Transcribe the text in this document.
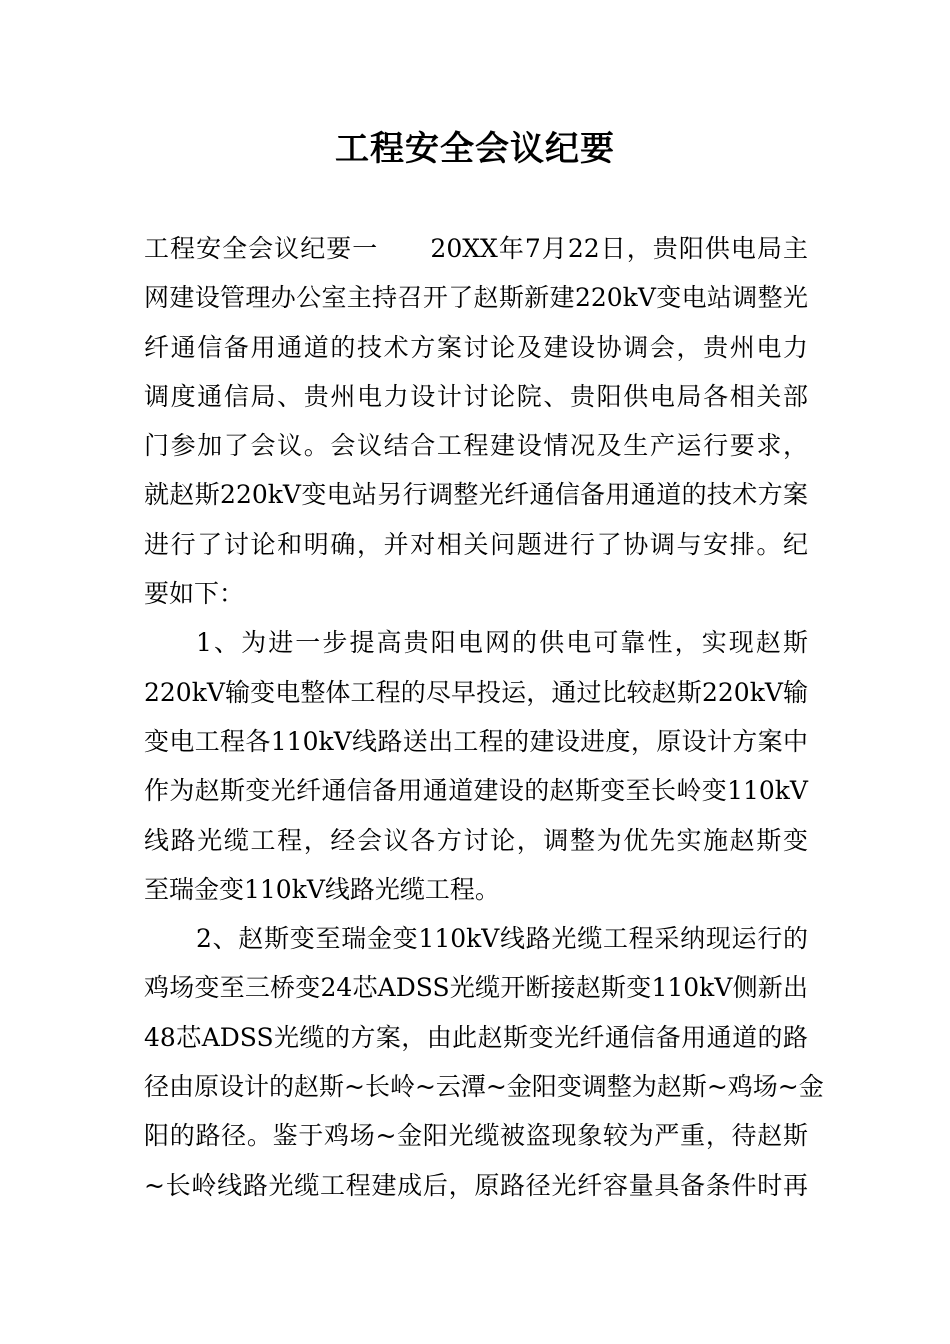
工程安全会议纪要
工程安全会议纪要一　　20XX年7月22日，贵阳供电局主
网建设管理办公室主持召开了赵斯新建220kV变电站调整光
纤通信备用通道的技术方案讨论及建设协调会，贵州电力
调度通信局、贵州电力设计讨论院、贵阳供电局各相关部
门参加了会议。会议结合工程建设情况及生产运行要求，
就赵斯220kV变电站另行调整光纤通信备用通道的技术方案
进行了讨论和明确，并对相关问题进行了协调与安排。纪
要如下：
1、为进一步提高贵阳电网的供电可靠性，实现赵斯
220kV输变电整体工程的尽早投运，通过比较赵斯220kV输
变电工程各110kV线路送出工程的建设进度，原设计方案中
作为赵斯变光纤通信备用通道建设的赵斯变至长岭变110kV
线路光缆工程，经会议各方讨论，调整为优先实施赵斯变
至瑞金变110kV线路光缆工程。
2、赵斯变至瑞金变110kV线路光缆工程采纳现运行的
鸡场变至三桥变24芯ADSS光缆开断接赵斯变110kV侧新出
48芯ADSS光缆的方案，由此赵斯变光纤通信备用通道的路
径由原设计的赵斯~长岭~云潭~金阳变调整为赵斯~鸡场~金
阳的路径。鉴于鸡场~金阳光缆被盗现象较为严重，待赵斯
~长岭线路光缆工程建成后，原路径光纤容量具备条件时再
